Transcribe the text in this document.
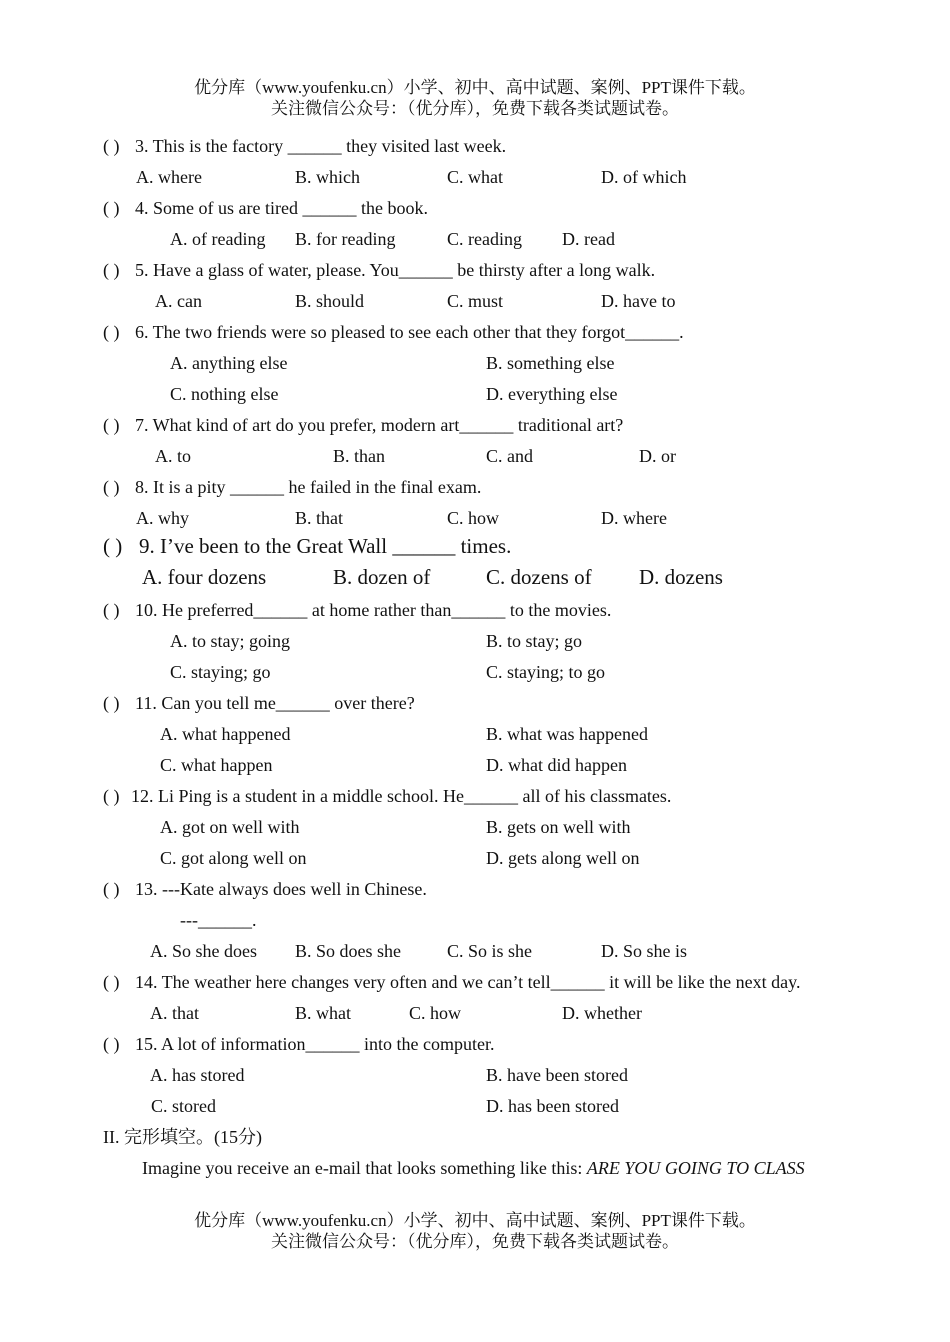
优分库（www.youfenku.cn）小学、初中、高中试题、案例、PPT课件下载。
关注微信公众号：（优分库），免费下载各类试题试卷。
( ) 3. This is the factory ______ they visited last week.
A. where	B. which	C. what	D. of which
( ) 4. Some of us are tired ______ the book.
A. of reading B. for reading	C. reading D. read
( ) 5. Have a glass of water, please. You______ be thirsty after a long walk.
A. can	B. should	C. must	D. have to
( ) 6. The two friends were so pleased to see each other that they forgot______.
A. anything else	B. something else
C. nothing else	D. everything else
( ) 7. What kind of art do you prefer, modern art______ traditional art?
A. to	B. than	C. and	D. or
( ) 8. It is a pity ______ he failed in the final exam.
A. why	B. that	C. how	D. where
( ) 9. I’ve been to the Great Wall ______ times.
A. four dozens	B. dozen of	C. dozens of D. dozens
( ) 10. He preferred______ at home rather than______ to the movies.
A. to stay; going	B. to stay; go
C. staying; go	C. staying; to go
( ) 11. Can you tell me______ over there?
A. what happened	B. what was happened
C. what happen	D. what did happen
( ) 12. Li Ping is a student in a middle school. He______ all of his classmates.
A. got on well with	B. gets on well with
C. got along well on	D. gets along well on
( ) 13. ---Kate always does well in Chinese.
---______.
A. So she does B. So does she	C. So is she	D. So she is
( ) 14. The weather here changes very often and we can’t tell______ it will be like the next day.
A. that	B. what	C. how	D. whether
( ) 15. A lot of information______ into the computer.
A. has stored	B. have been stored
C. stored	D. has been stored
II. 完形填空。(15分)
Imagine you receive an e-mail that looks something like this: ARE YOU GOING TO CLASS
优分库（www.youfenku.cn）小学、初中、高中试题、案例、PPT课件下载。
关注微信公众号：（优分库），免费下载各类试题试卷。
